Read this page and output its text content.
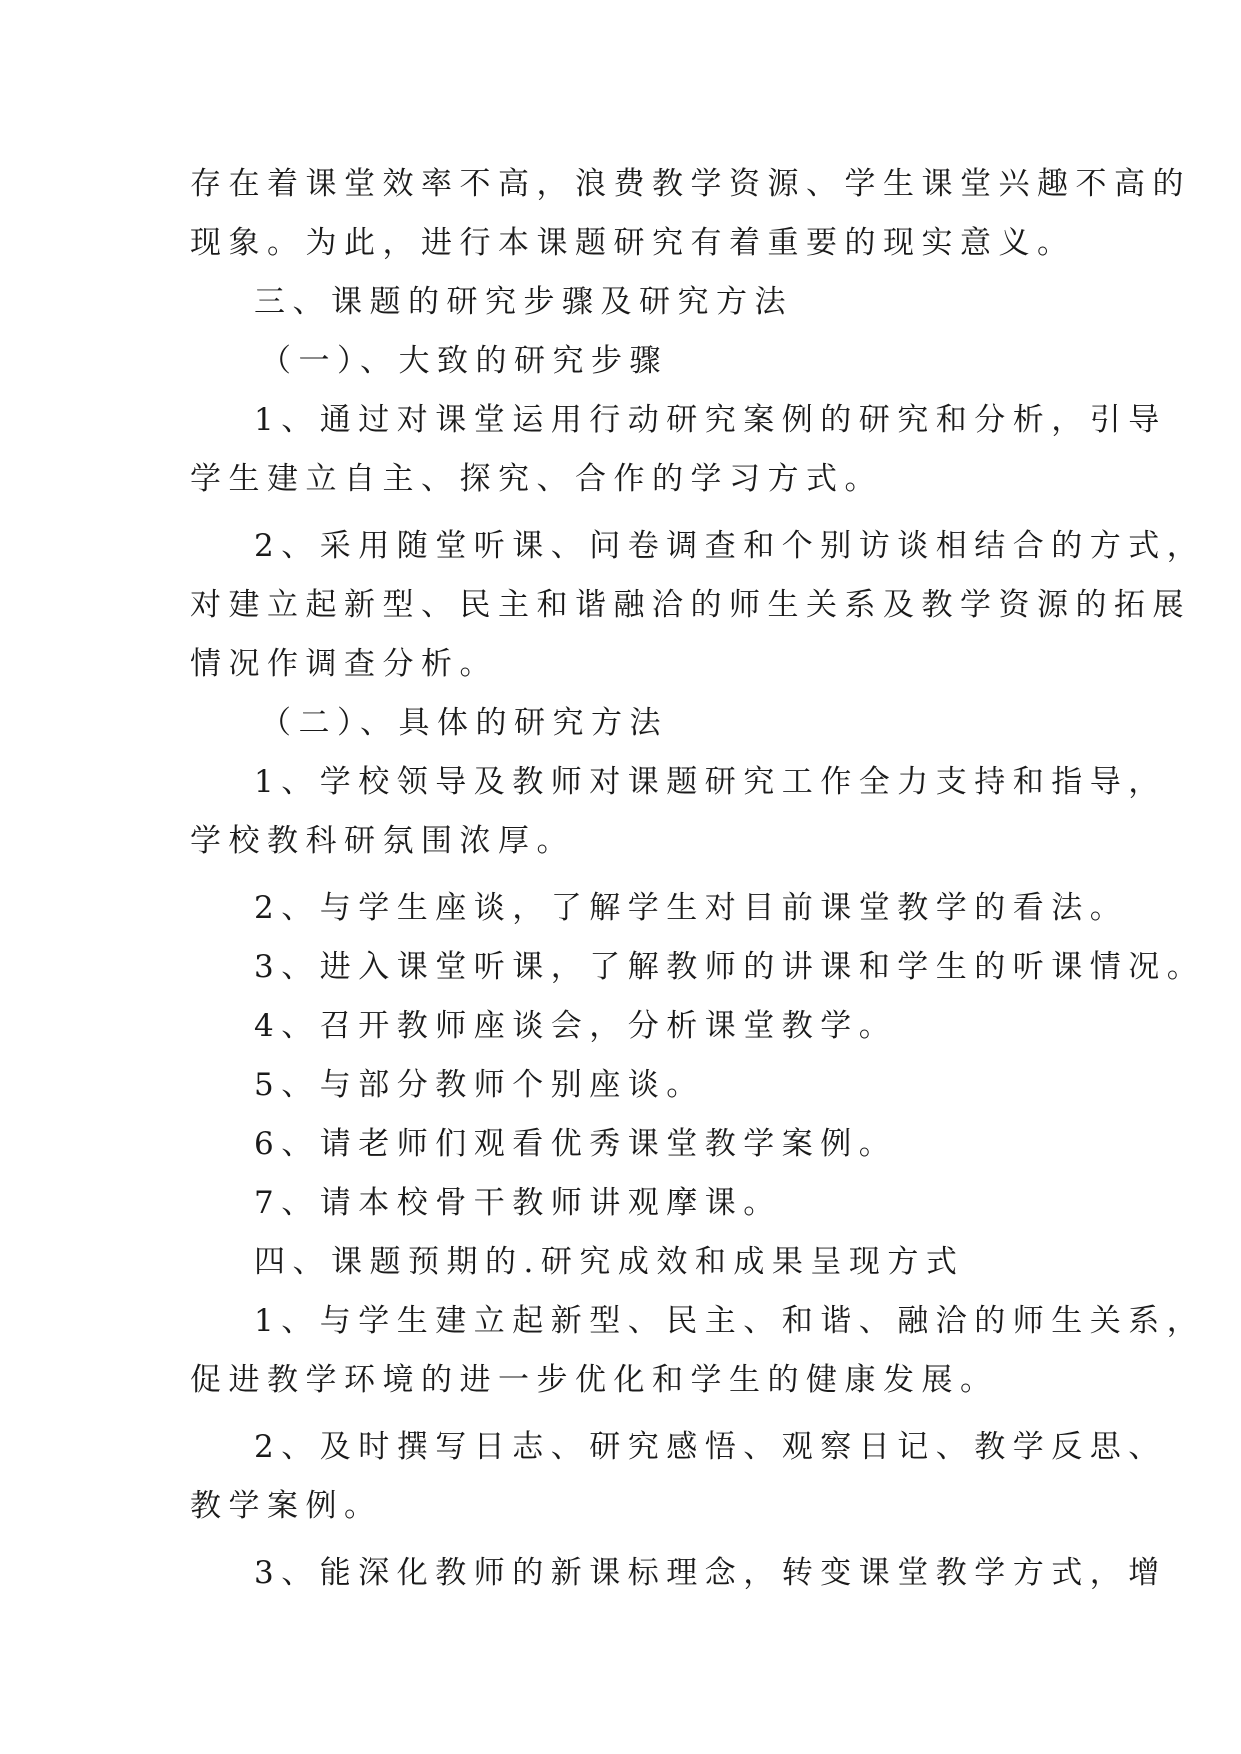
存在着课堂效率不高，浪费教学资源、学生课堂兴趣不高的

现象。为此，进行本课题研究有着重要的现实意义。

三、课题的研究步骤及研究方法

（一）、大致的研究步骤

1、通过对课堂运用行动研究案例的研究和分析，引导

学生建立自主、探究、合作的学习方式。

2、采用随堂听课、问卷调查和个别访谈相结合的方式，

对建立起新型、民主和谐融洽的师生关系及教学资源的拓展

情况作调查分析。

（二）、具体的研究方法

1、学校领导及教师对课题研究工作全力支持和指导，

学校教科研氛围浓厚。

2、与学生座谈，了解学生对目前课堂教学的看法。

3、进入课堂听课，了解教师的讲课和学生的听课情况。

4、召开教师座谈会，分析课堂教学。

5、与部分教师个别座谈。

6、请老师们观看优秀课堂教学案例。

7、请本校骨干教师讲观摩课。

四、课题预期的.研究成效和成果呈现方式

1、与学生建立起新型、民主、和谐、融洽的师生关系，

促进教学环境的进一步优化和学生的健康发展。

2、及时撰写日志、研究感悟、观察日记、教学反思、

教学案例。

3、能深化教师的新课标理念，转变课堂教学方式，增
